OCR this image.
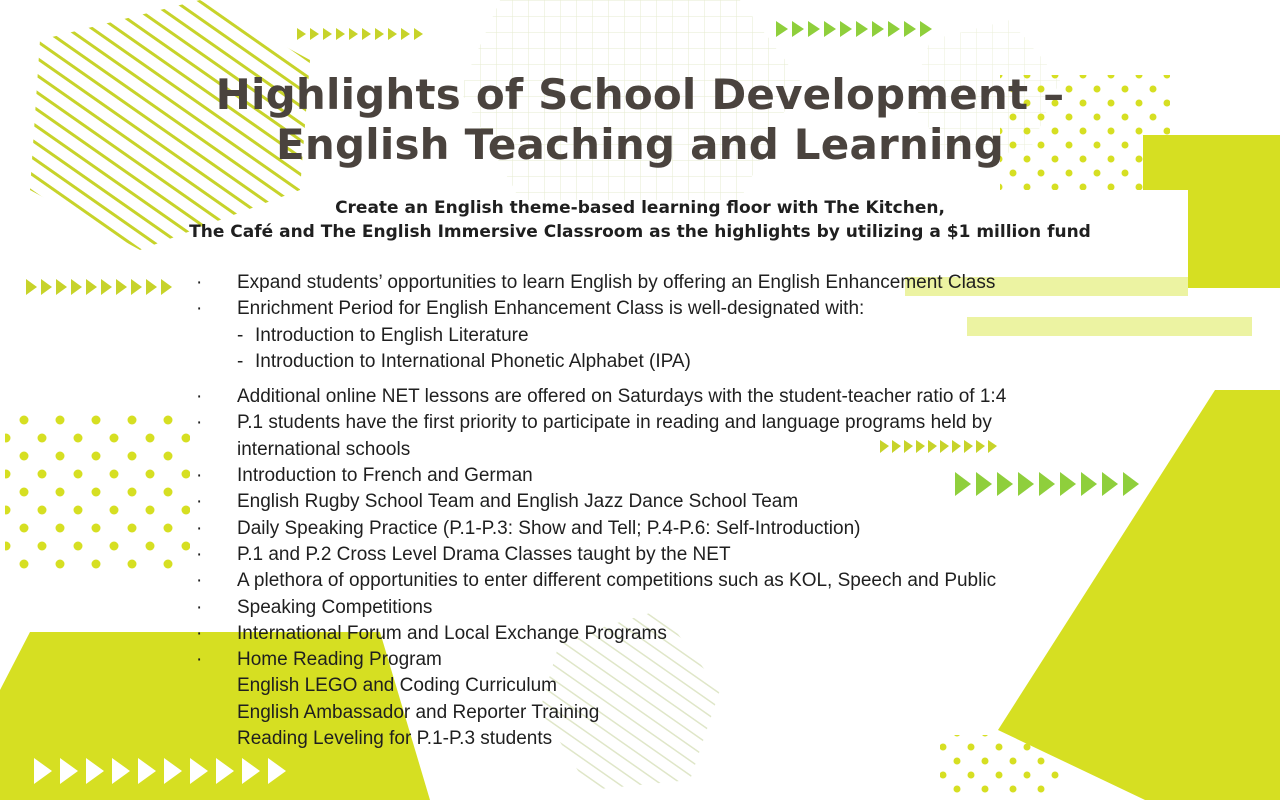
Highlights of School Development –
English Teaching and Learning
Create an English theme-based learning floor with The Kitchen,
The Café and The English Immersive Classroom as the highlights by utilizing a $1 million fund
· Expand students’ opportunities to learn English by offering an English Enhancement Class
· Enrichment Period for English Enhancement Class is well-designated with:
- Introduction to English Literature
- Introduction to International Phonetic Alphabet (IPA)
· Additional online NET lessons are offered on Saturdays with the student-teacher ratio of 1:4
· P.1 students have the first priority to participate in reading and language programs held by
international schools
· Introduction to French and German
· English Rugby School Team and English Jazz Dance School Team
· Daily Speaking Practice (P.1-P.3: Show and Tell; P.4-P.6: Self-Introduction)
· P.1 and P.2 Cross Level Drama Classes taught by the NET
· A plethora of opportunities to enter different competitions such as KOL, Speech and Public
· Speaking Competitions
· International Forum and Local Exchange Programs
· Home Reading Program
English LEGO and Coding Curriculum
English Ambassador and Reporter Training
Reading Leveling for P.1-P.3 students
